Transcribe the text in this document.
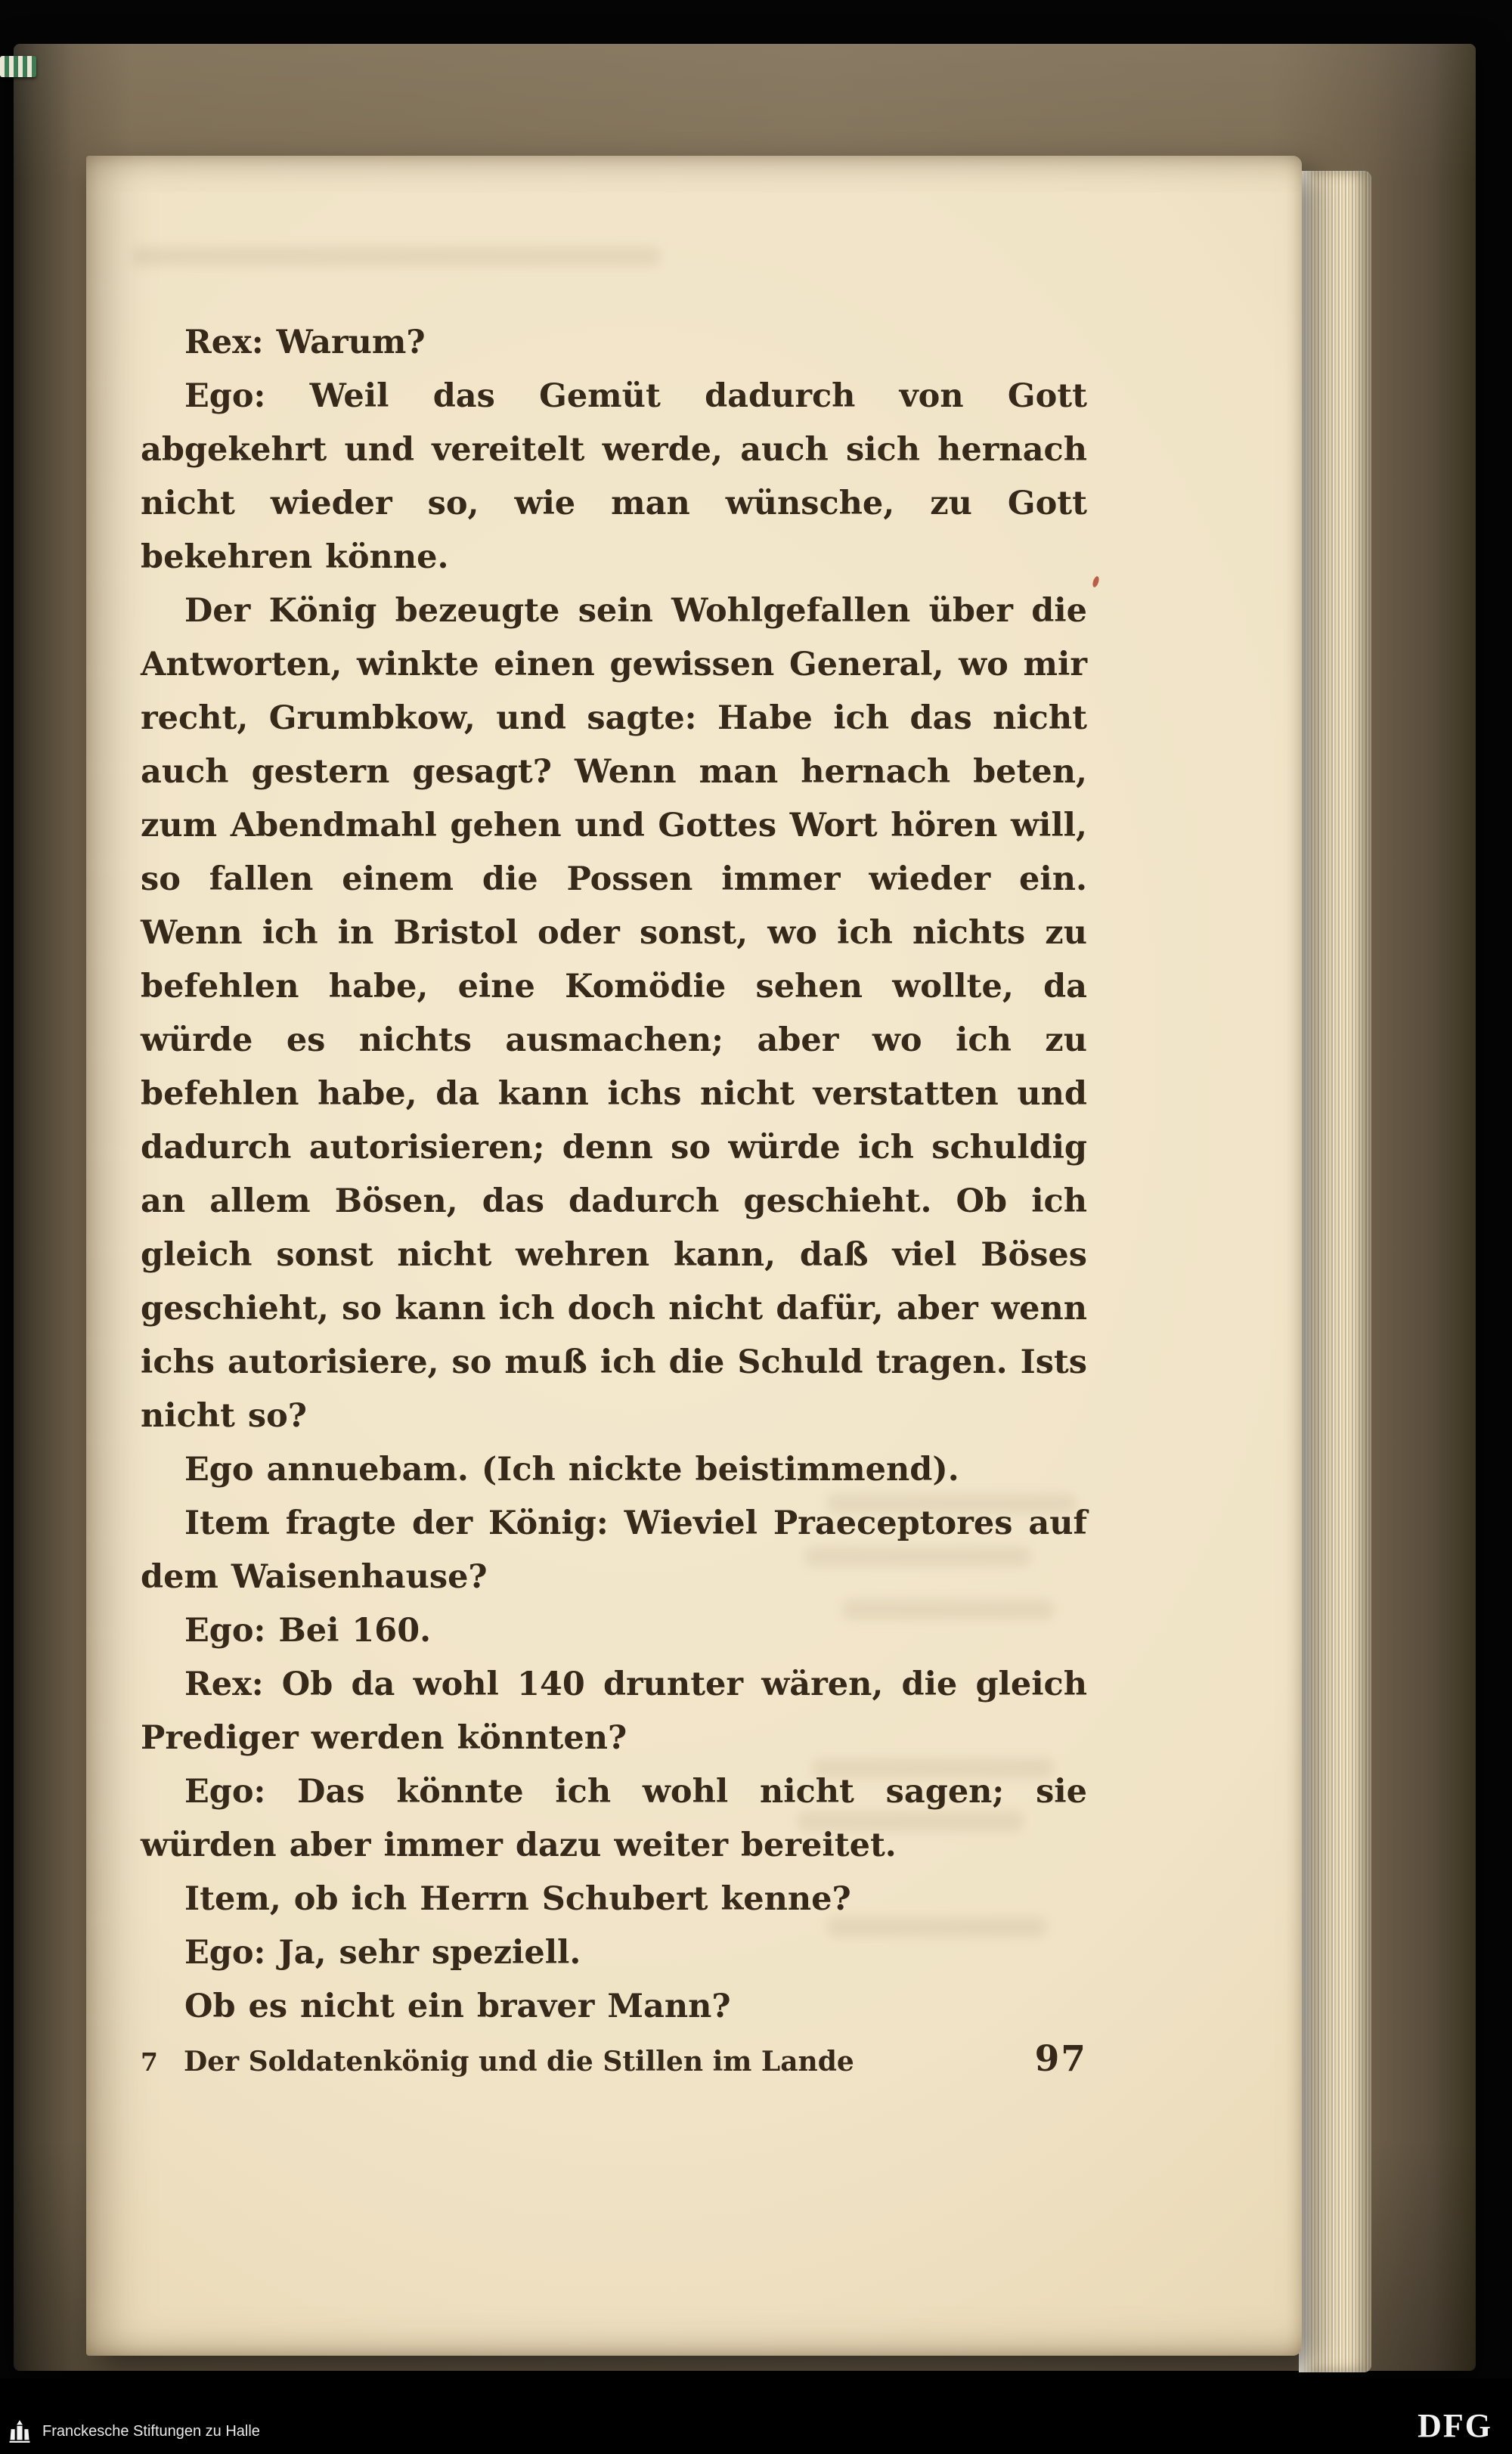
Rex: Warum?

Ego: Weil das Gemüt dadurch von Gott abgekehrt und vereitelt werde, auch sich hernach nicht wieder so, wie man wünsche, zu Gott bekehren könne.

Der König bezeugte sein Wohlgefallen über die Antworten, winkte einen gewissen General, wo mir recht, Grumbkow, und sagte: Habe ich das nicht auch gestern gesagt? Wenn man hernach beten, zum Abendmahl gehen und Gottes Wort hören will, so fallen einem die Possen immer wieder ein. Wenn ich in Bristol oder sonst, wo ich nichts zu befehlen habe, eine Komödie sehen wollte, da würde es nichts ausmachen; aber wo ich zu befehlen habe, da kann ichs nicht verstatten und dadurch autorisieren; denn so würde ich schuldig an allem Bösen, das dadurch geschieht. Ob ich gleich sonst nicht wehren kann, daß viel Böses geschieht, so kann ich doch nicht dafür, aber wenn ichs autorisiere, so muß ich die Schuld tragen. Ists nicht so?

Ego annuebam. (Ich nickte beistimmend).

Item fragte der König: Wieviel Praeceptores auf dem Waisenhause?

Ego: Bei 160.

Rex: Ob da wohl 140 drunter wären, die gleich Prediger werden könnten?

Ego: Das könnte ich wohl nicht sagen; sie würden aber immer dazu weiter bereitet.

Item, ob ich Herrn Schubert kenne?

Ego: Ja, sehr speziell.

Ob es nicht ein braver Mann?

7 Der Soldatenkönig und die Stillen im Lande	97
Franckesche Stiftungen zu Halle	DFG
